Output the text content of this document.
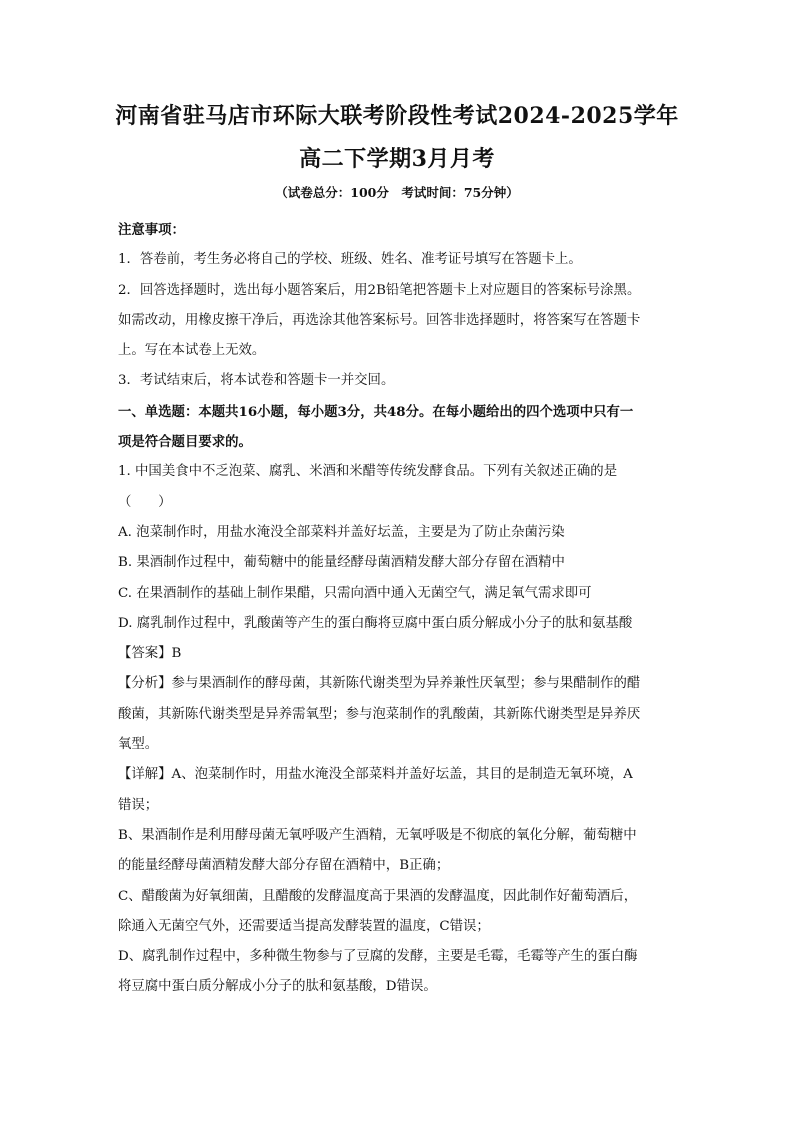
河南省驻马店市环际大联考阶段性考试2024-2025学年
高二下学期3月月考
（试卷总分：100分　考试时间：75分钟）
注意事项：
1．答卷前，考生务必将自己的学校、班级、姓名、准考证号填写在答题卡上。
2．回答选择题时，选出每小题答案后，用2B铅笔把答题卡上对应题目的答案标号涂黑。
如需改动，用橡皮擦干净后，再选涂其他答案标号。回答非选择题时，将答案写在答题卡
上。写在本试卷上无效。
3．考试结束后，将本试卷和答题卡一并交回。
一、单选题：本题共16小题，每小题3分，共48分。在每小题给出的四个选项中只有一
项是符合题目要求的。
1. 中国美食中不乏泡菜、腐乳、米酒和米醋等传统发酵食品。下列有关叙述正确的是
（　　）
A. 泡菜制作时，用盐水淹没全部菜料并盖好坛盖，主要是为了防止杂菌污染
B. 果酒制作过程中，葡萄糖中的能量经酵母菌酒精发酵大部分存留在酒精中
C. 在果酒制作的基础上制作果醋，只需向酒中通入无菌空气，满足氧气需求即可
D. 腐乳制作过程中，乳酸菌等产生的蛋白酶将豆腐中蛋白质分解成小分子的肽和氨基酸
【答案】B
【分析】参与果酒制作的酵母菌，其新陈代谢类型为异养兼性厌氧型；参与果醋制作的醋
酸菌，其新陈代谢类型是异养需氧型；参与泡菜制作的乳酸菌，其新陈代谢类型是异养厌
氧型。
【详解】A、泡菜制作时，用盐水淹没全部菜料并盖好坛盖，其目的是制造无氧环境，A
错误；
B、果酒制作是利用酵母菌无氧呼吸产生酒精，无氧呼吸是不彻底的氧化分解，葡萄糖中
的能量经酵母菌酒精发酵大部分存留在酒精中，B正确；
C、醋酸菌为好氧细菌，且醋酸的发酵温度高于果酒的发酵温度，因此制作好葡萄酒后，
除通入无菌空气外，还需要适当提高发酵装置的温度，C错误；
D、腐乳制作过程中，多种微生物参与了豆腐的发酵，主要是毛霉，毛霉等产生的蛋白酶
将豆腐中蛋白质分解成小分子的肽和氨基酸，D错误。
